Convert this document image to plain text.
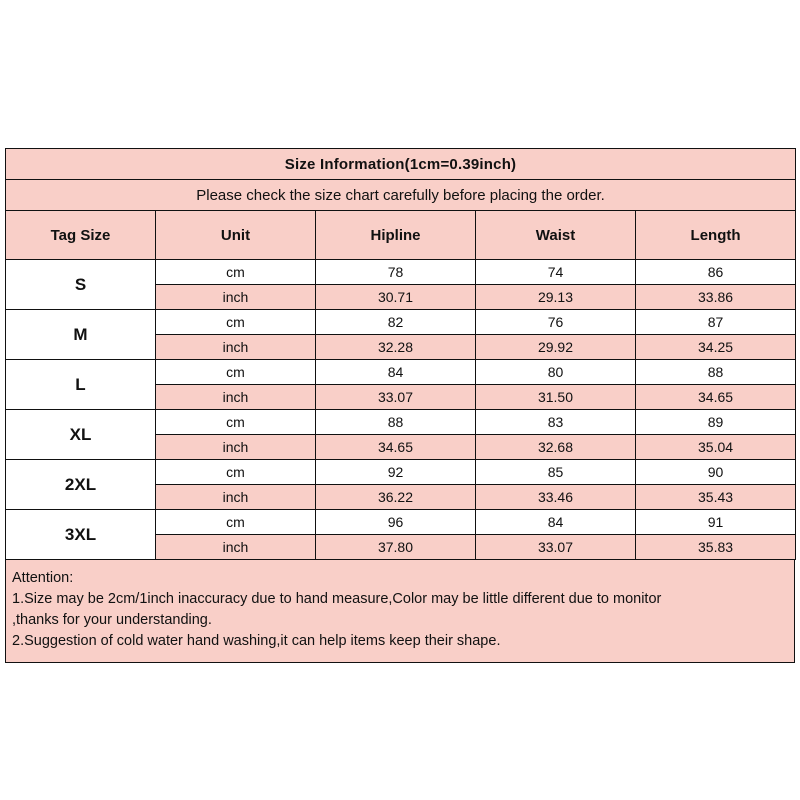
Size Information(1cm=0.39inch)				
Please check the size chart carefully before placing the order.				
Tag Size	Unit	Hipline	Waist	Length
S	cm	78	74	86
	inch	30.71	29.13	33.86
M	cm	82	76	87
	inch	32.28	29.92	34.25
L	cm	84	80	88
	inch	33.07	31.50	34.65
XL	cm	88	83	89
	inch	34.65	32.68	35.04
2XL	cm	92	85	90
	inch	36.22	33.46	35.43
3XL	cm	96	84	91
	inch	37.80	33.07	35.83
Attention:
1.Size may be 2cm/1inch inaccuracy due to hand measure,Color may be little different due to monitor
,thanks for your understanding.
2.Suggestion of cold water hand washing,it can help items keep their shape.
